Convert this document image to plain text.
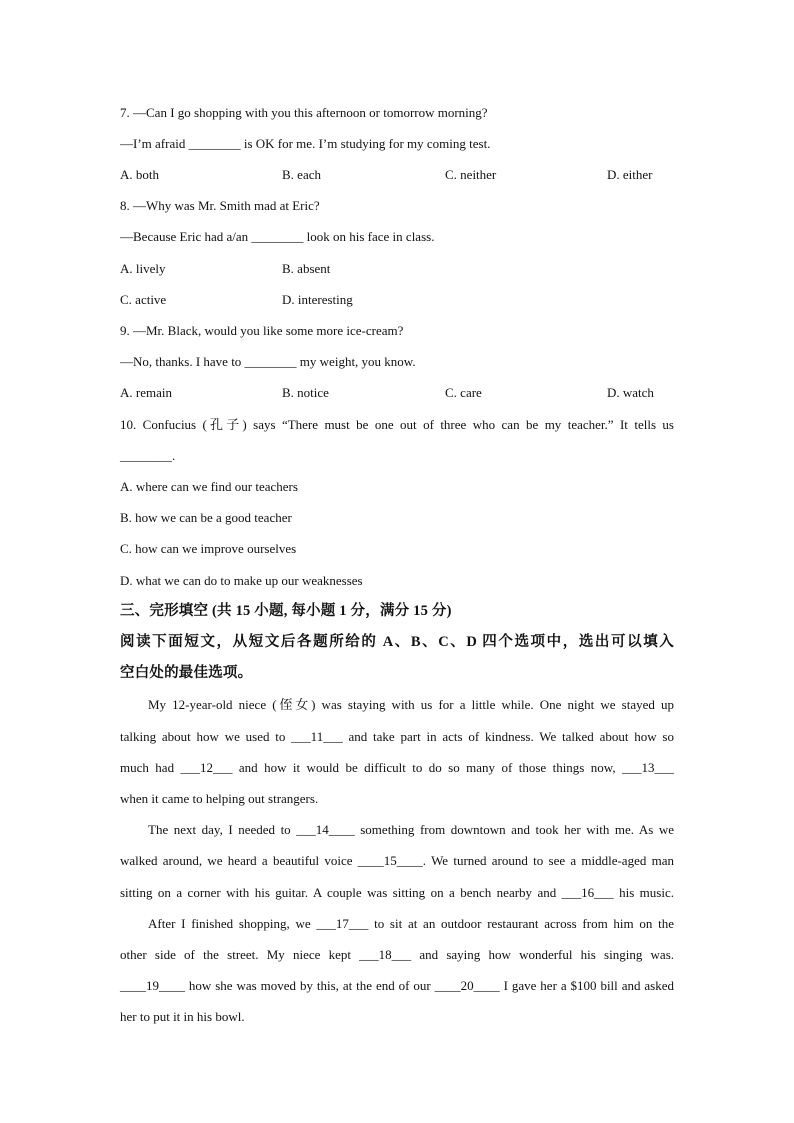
7. —Can I go shopping with you this afternoon or tomorrow morning?
—I’m afraid ________ is OK for me. I’m studying for my coming test.
A. both	B. each	C. neither	D. either
8. —Why was Mr. Smith mad at Eric?
—Because Eric had a/an ________ look on his face in class.
A. lively	B. absent
C. active	D. interesting
9. —Mr. Black, would you like some more ice-cream?
—No, thanks. I have to ________ my weight, you know.
A. remain	B. notice	C. care	D. watch
10. Confucius (孔子) says “There must be one out of three who can be my teacher.” It tells us
________.
A. where can we find our teachers
B. how we can be a good teacher
C. how can we improve ourselves
D. what we can do to make up our weaknesses
三、完形填空 (共 15 小题, 每小题 1 分，满分 15 分)
阅读下面短文，从短文后各题所给的 A、B、C、D 四个选项中，选出可以填入
空白处的最佳选项。
My 12-year-old niece (侄女) was staying with us for a little while. One night we stayed up
talking about how we used to ___11___ and take part in acts of kindness. We talked about how so
much had ___12___ and how it would be difficult to do so many of those things now, ___13___
when it came to helping out strangers.
The next day, I needed to ___14____ something from downtown and took her with me. As we
walked around, we heard a beautiful voice ____15____. We turned around to see a middle-aged man
sitting on a corner with his guitar. A couple was sitting on a bench nearby and ___16___ his music.
After I finished shopping, we ___17___ to sit at an outdoor restaurant across from him on the
other side of the street. My niece kept ___18___ and saying how wonderful his singing was.
____19____ how she was moved by this, at the end of our ____20____ I gave her a $100 bill and asked
her to put it in his bowl.
